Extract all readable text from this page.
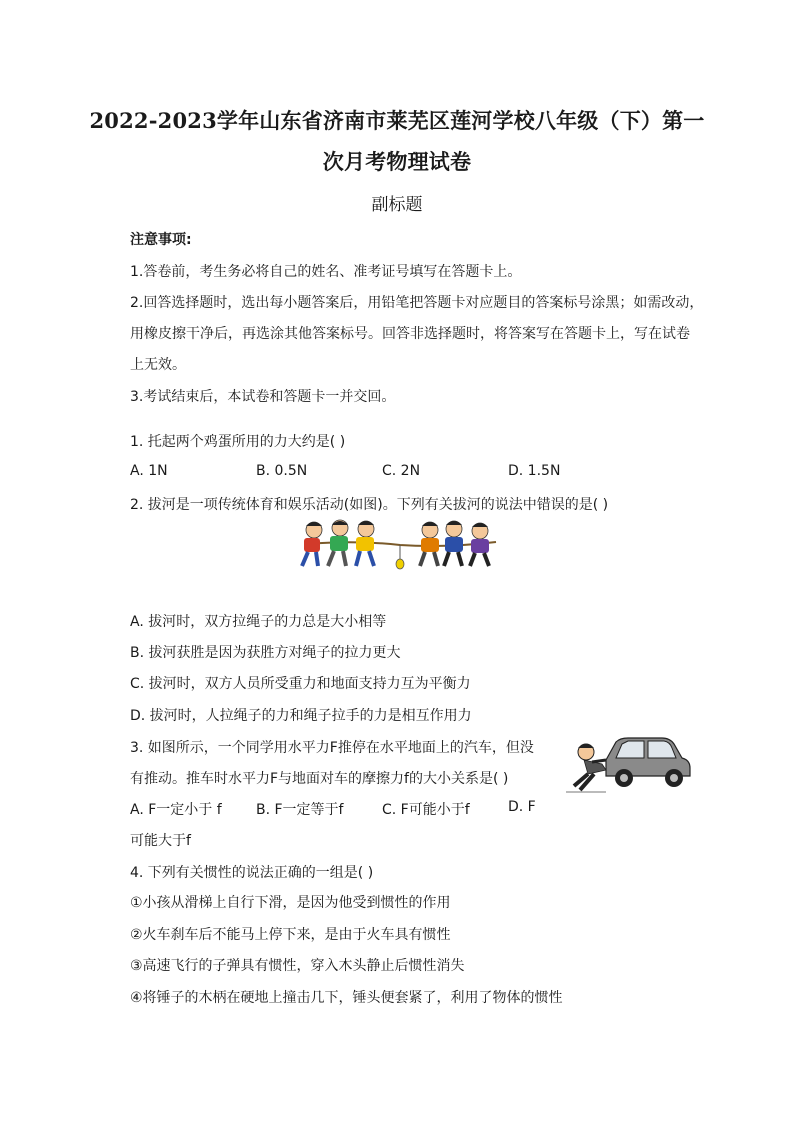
2022-2023学年山东省济南市莱芜区莲河学校八年级（下）第一
次月考物理试卷
副标题
注意事项:
1.答卷前，考生务必将自己的姓名、准考证号填写在答题卡上。
2.回答选择题时，选出每小题答案后，用铅笔把答题卡对应题目的答案标号涂黑；如需改动，
用橡皮擦干净后，再选涂其他答案标号。回答非选择题时，将答案写在答题卡上，写在试卷
上无效。
3.考试结束后，本试卷和答题卡一并交回。
1. 托起两个鸡蛋所用的力大约是( )
A. 1N	B. 0.5N	C. 2N	D. 1.5N
2. 拔河是一项传统体育和娱乐活动(如图)。下列有关拔河的说法中错误的是( )
A. 拔河时，双方拉绳子的力总是大小相等
B. 拔河获胜是因为获胜方对绳子的拉力更大
C. 拔河时，双方人员所受重力和地面支持力互为平衡力
D. 拔河时，人拉绳子的力和绳子拉手的力是相互作用力
3. 如图所示，一个同学用水平力F推停在水平地面上的汽车，但没
有推动。推车时水平力F与地面对车的摩擦力f的大小关系是( )
A. F一定小于 f B. F一定等于f	C. F可能小于f	D. F
可能大于f
4. 下列有关惯性的说法正确的一组是( )
①小孩从滑梯上自行下滑，是因为他受到惯性的作用
②火车刹车后不能马上停下来，是由于火车具有惯性
③高速飞行的子弹具有惯性，穿入木头静止后惯性消失
④将锤子的木柄在硬地上撞击几下，锤头便套紧了，利用了物体的惯性
